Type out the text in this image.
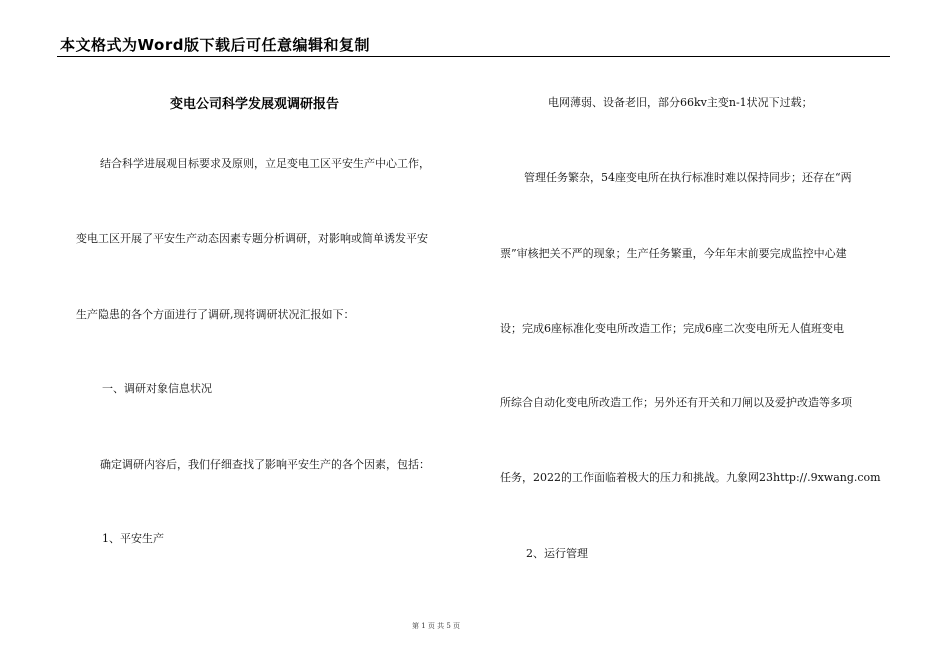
本文格式为Word版下载后可任意编辑和复制
变电公司科学发展观调研报告
结合科学进展观目标要求及原则，立足变电工区平安生产中心工作，
变电工区开展了平安生产动态因素专题分析调研，对影响或简单诱发平安
生产隐患的各个方面进行了调研,现将调研状况汇报如下：
一、调研对象信息状况
确定调研内容后，我们仔细查找了影响平安生产的各个因素，包括：
1、平安生产
电网薄弱、设备老旧，部分66kv主变n-1状况下过载；
管理任务繁杂，54座变电所在执行标准时难以保持同步；还存在“两
票”审核把关不严的现象；生产任务繁重，今年年末前要完成监控中心建
设；完成6座标准化变电所改造工作；完成6座二次变电所无人值班变电
所综合自动化变电所改造工作；另外还有开关和刀闸以及爱护改造等多项
任务，2022的工作面临着极大的压力和挑战。九象网23http://.9xwang.com
2、运行管理
第 1 页 共 5 页
